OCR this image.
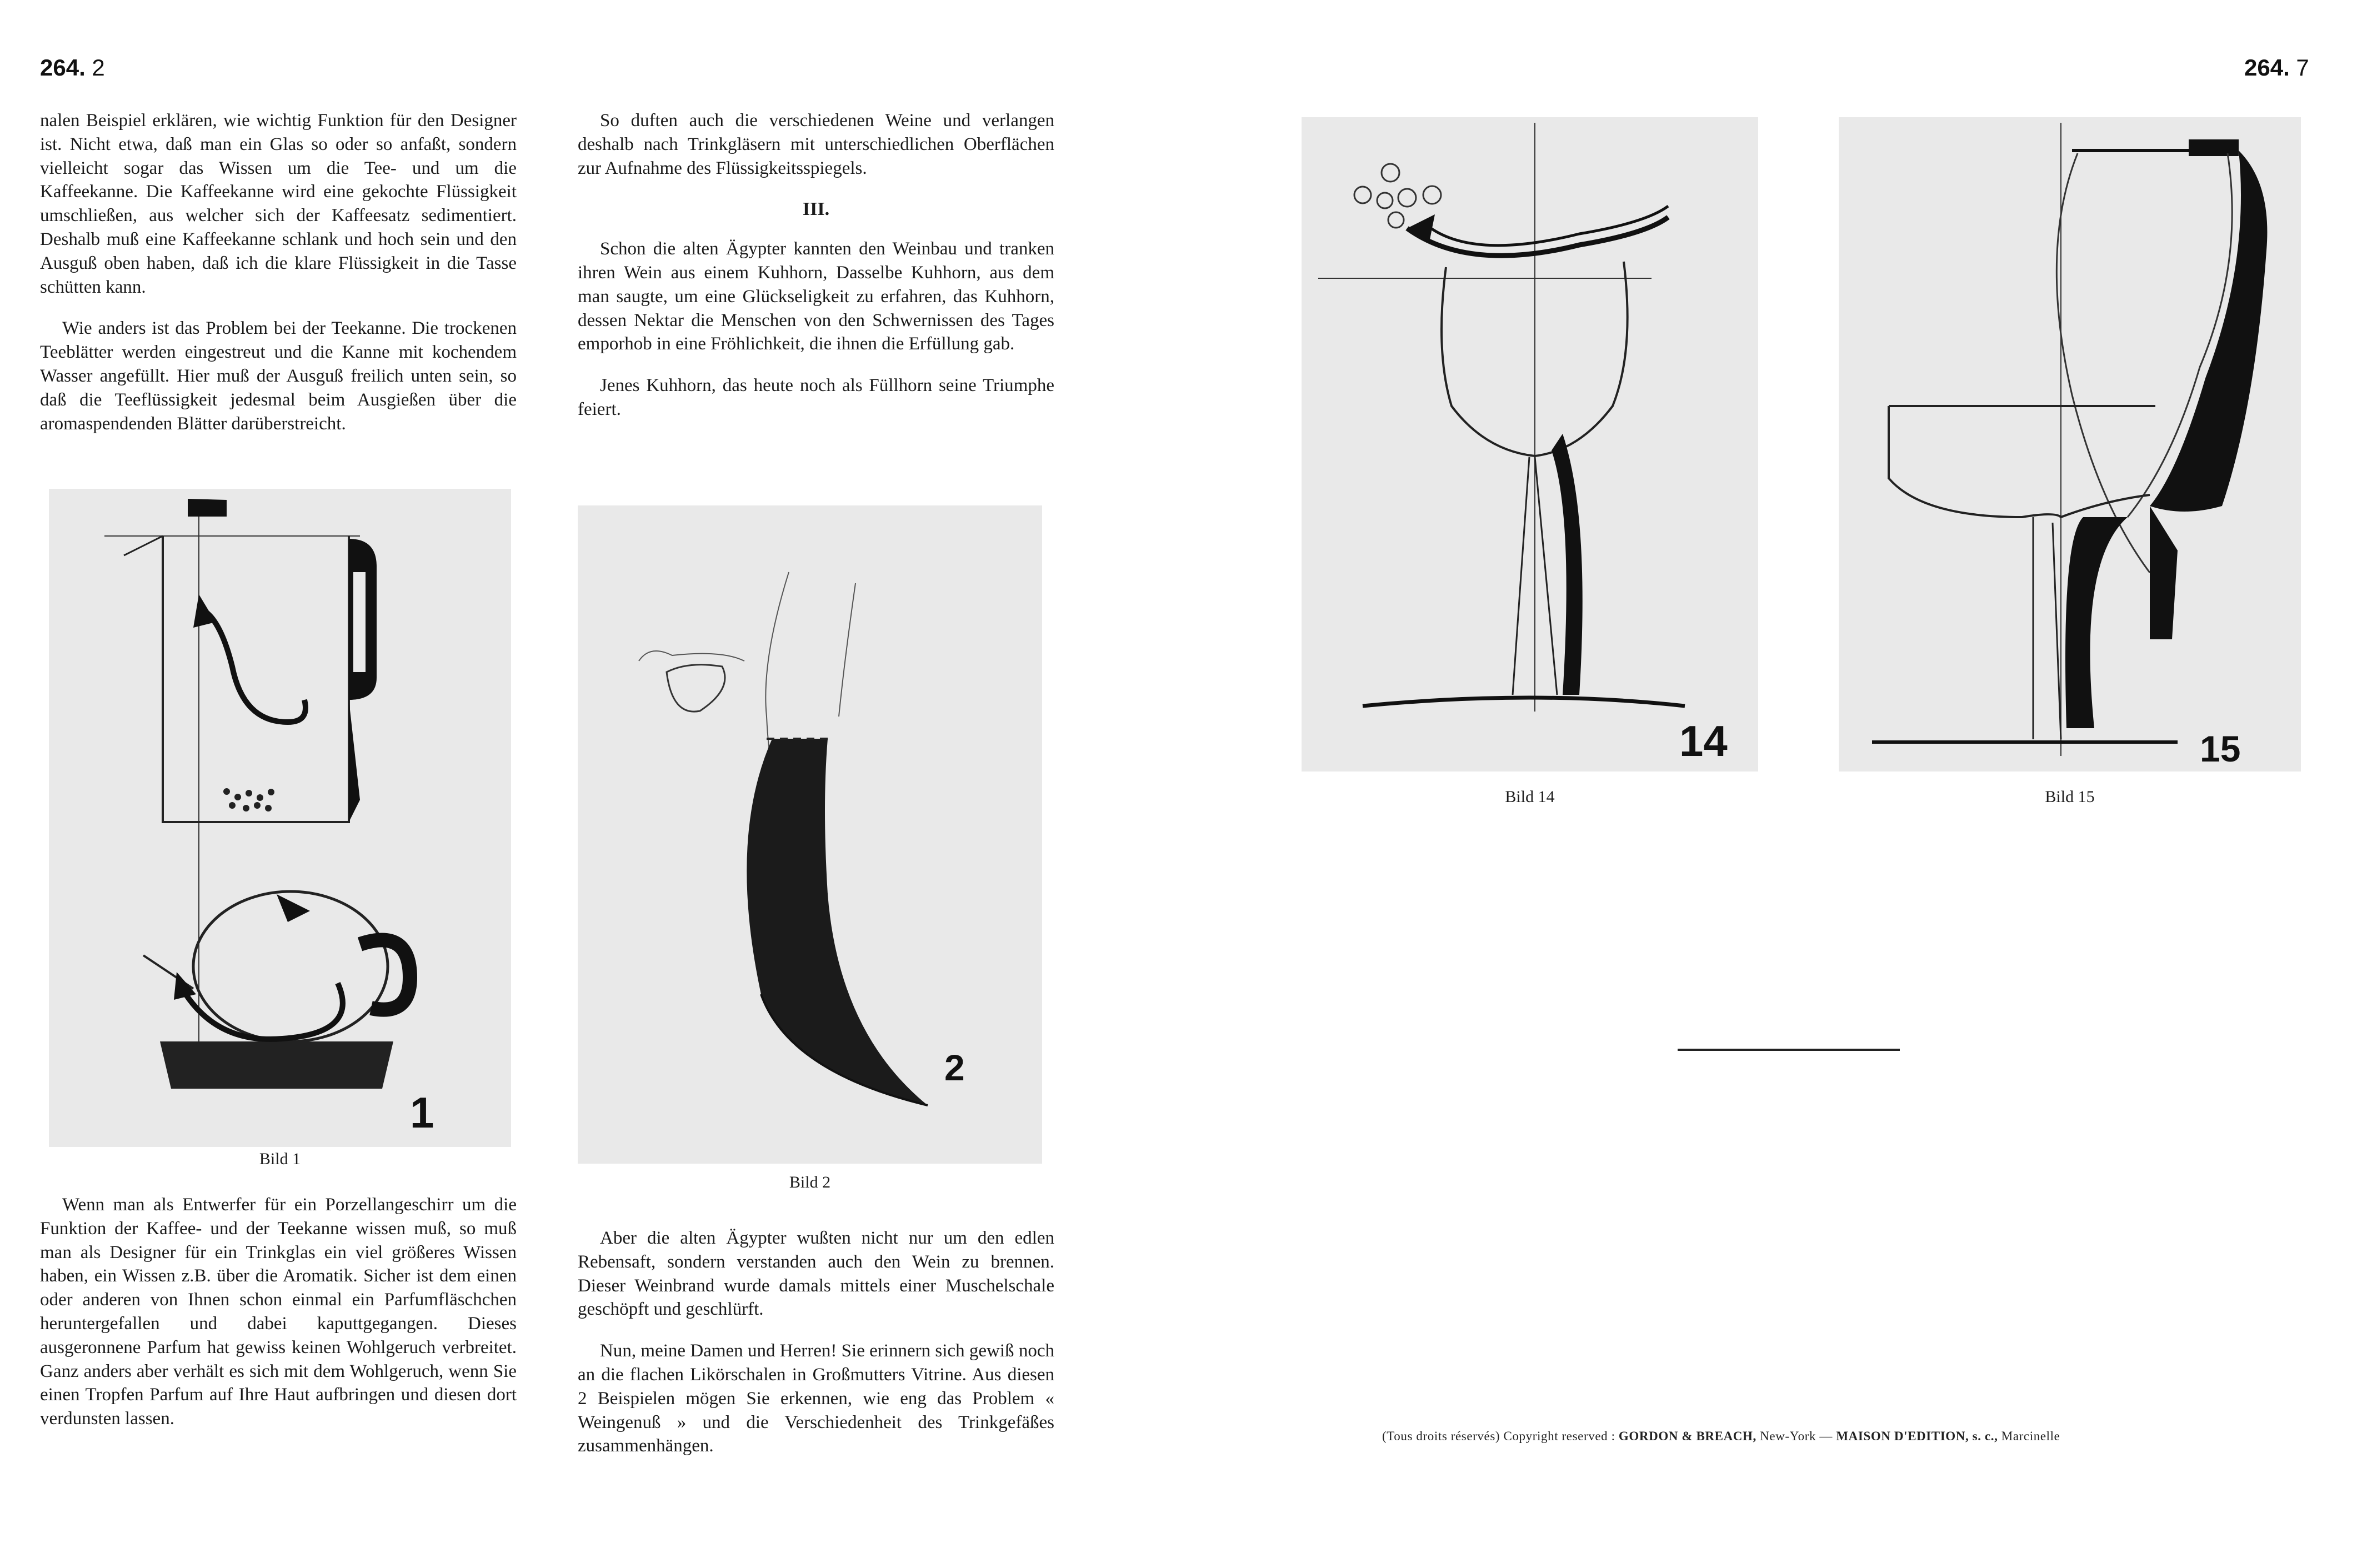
264. 2

nalen Beispiel erklären, wie wichtig Funktion für den Designer ist. Nicht etwa, daß man ein Glas so oder so anfaßt, sondern vielleicht sogar das Wissen um die Tee- und um die Kaffeekanne. Die Kaffeekanne wird eine gekochte Flüssigkeit umschließen, aus welcher sich der Kaffeesatz sedimentiert. Deshalb muß eine Kaffeekanne schlank und hoch sein und den Ausguß oben haben, daß ich die klare Flüssigkeit in die Tasse schütten kann.

Wie anders ist das Problem bei der Teekanne. Die trockenen Teeblätter werden eingestreut und die Kanne mit kochendem Wasser angefüllt. Hier muß der Ausguß freilich unten sein, so daß die Teeflüssigkeit jedesmal beim Ausgießen über die aromaspendenden Blätter darüberstreicht.

1
Bild 1

Wenn man als Entwerfer für ein Porzellangeschirr um die Funktion der Kaffee- und der Teekanne wissen muß, so muß man als Designer für ein Trinkglas ein viel größeres Wissen haben, ein Wissen z.B. über die Aromatik. Sicher ist dem einen oder anderen von Ihnen schon einmal ein Parfumfläschchen heruntergefallen und dabei kaputtgegangen. Dieses ausgeronnene Parfum hat gewiss keinen Wohlgeruch verbreitet. Ganz anders aber verhält es sich mit dem Wohlgeruch, wenn Sie einen Tropfen Parfum auf Ihre Haut aufbringen und diesen dort verdunsten lassen.

So duften auch die verschiedenen Weine und verlangen deshalb nach Trinkgläsern mit unterschiedlichen Oberflächen zur Aufnahme des Flüssigkeitsspiegels.

III.

Schon die alten Ägypter kannten den Weinbau und tranken ihren Wein aus einem Kuhhorn, Dasselbe Kuhhorn, aus dem man saugte, um eine Glückseligkeit zu erfahren, das Kuhhorn, dessen Nektar die Menschen von den Schwernissen des Tages emporhob in eine Fröhlichkeit, die ihnen die Erfüllung gab.

Jenes Kuhhorn, das heute noch als Füllhorn seine Triumphe feiert.

2
Bild 2

Aber die alten Ägypter wußten nicht nur um den edlen Rebensaft, sondern verstanden auch den Wein zu brennen. Dieser Weinbrand wurde damals mittels einer Muschelschale geschöpft und geschlürft.

Nun, meine Damen und Herren! Sie erinnern sich gewiß noch an die flachen Likörschalen in Großmutters Vitrine. Aus diesen 2 Beispielen mögen Sie erkennen, wie eng das Problem « Weingenuß » und die Verschiedenheit des Trinkgefäßes zusammenhängen.

264. 7
14
Bild 14
15
Bild 15
(Tous droits réservés) Copyright reserved : GORDON & BREACH, New-York — MAISON D'EDITION, s. c., Marcinelle
